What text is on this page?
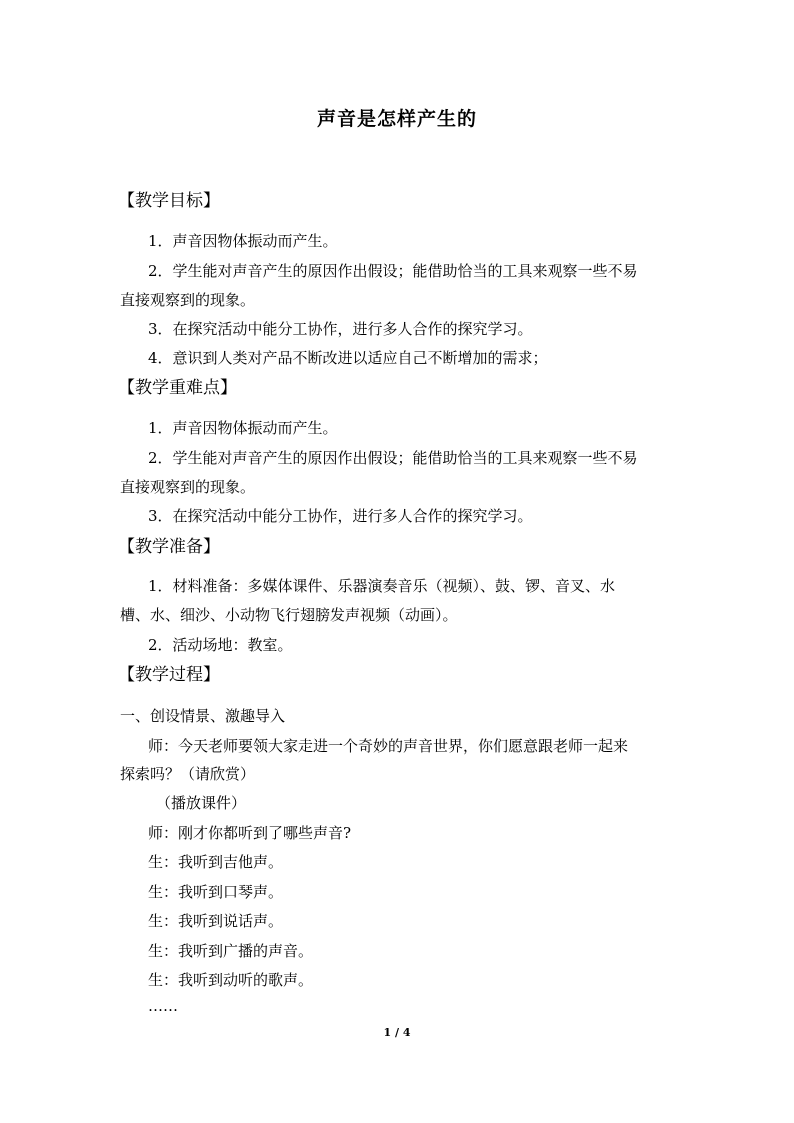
声音是怎样产生的
【教学目标】
1．声音因物体振动而产生。
2．学生能对声音产生的原因作出假设；能借助恰当的工具来观察一些不易
直接观察到的现象。
3．在探究活动中能分工协作，进行多人合作的探究学习。
4．意识到人类对产品不断改进以适应自己不断增加的需求；
【教学重难点】
1．声音因物体振动而产生。
2．学生能对声音产生的原因作出假设；能借助恰当的工具来观察一些不易
直接观察到的现象。
3．在探究活动中能分工协作，进行多人合作的探究学习。
【教学准备】
1．材料准备：多媒体课件、乐器演奏音乐（视频）、鼓、锣、音叉、水
槽、水、细沙、小动物飞行翅膀发声视频（动画）。
2．活动场地：教室。
【教学过程】
一、创设情景、激趣导入
师：今天老师要领大家走进一个奇妙的声音世界，你们愿意跟老师一起来
探索吗？（请欣赏）
（播放课件）
师：刚才你都听到了哪些声音?
生：我听到吉他声。
生：我听到口琴声。
生：我听到说话声。
生：我听到广播的声音。
生：我听到动听的歌声。
……
1 / 4
